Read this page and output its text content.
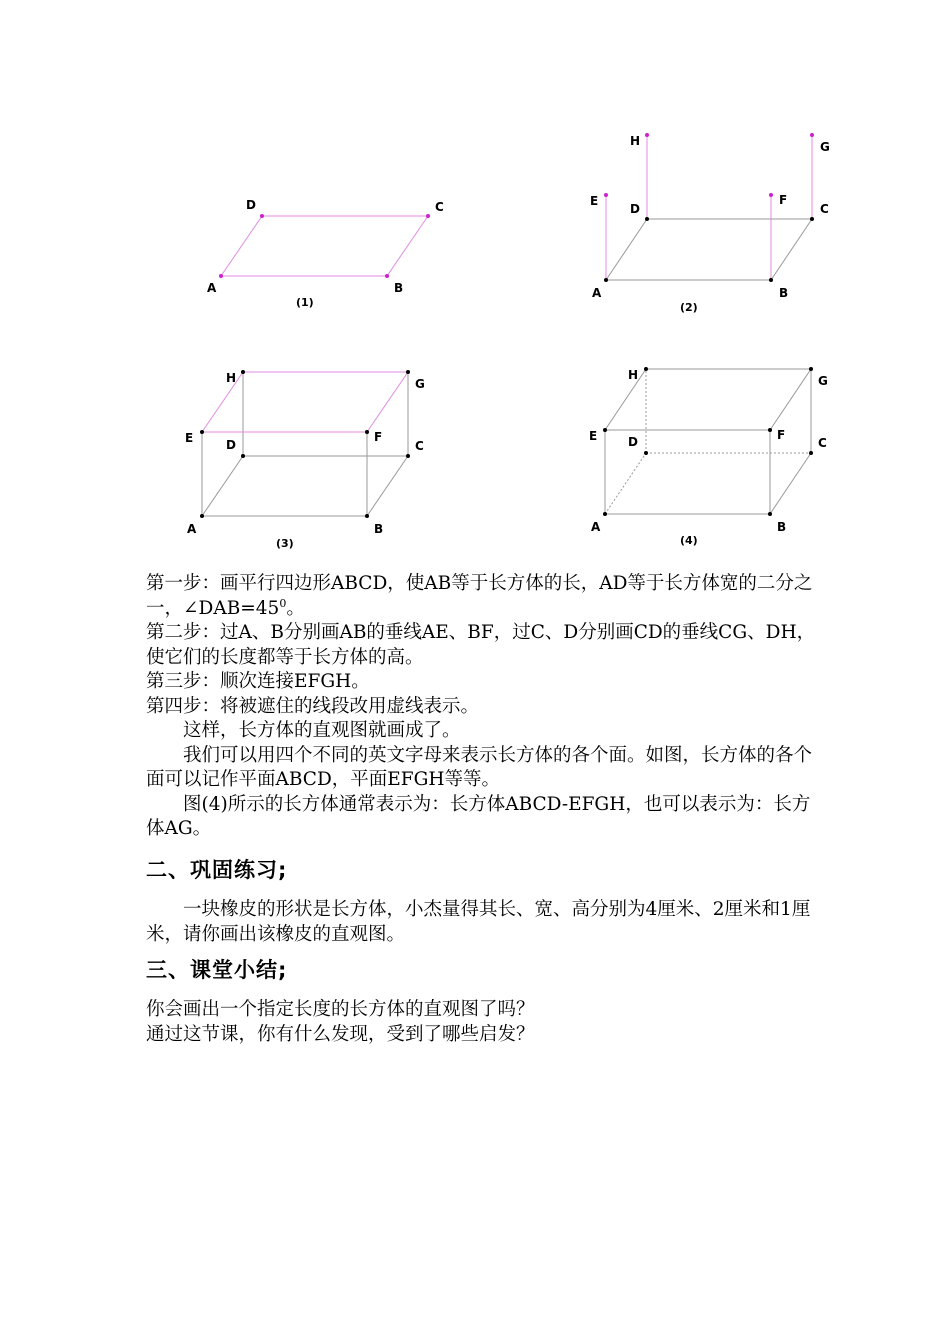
A	B
C
D
(1)
A	B
C
D
E	F
G
H
(2)
A	B
C
D
E	F
G
H
(3)
A	B
C
D
E	F
G
H
(4)

第一步：画平行四边形ABCD，使AB等于长方体的长，AD等于长方体宽的二分之一，$\angle DAB=45^0$。

第二步：过A、B分别画AB的垂线AE、BF，过C、D分别画CD的垂线CG、DH，使它们的长度都等于长方体的高。

第三步：顺次连接EFGH。

第四步：将被遮住的线段改用虚线表示。

这样，长方体的直观图就画成了。

我们可以用四个不同的英文字母来表示长方体的各个面。如图，长方体的各个面可以记作平面ABCD，平面EFGH等等。

图(4)所示的长方体通常表示为：长方体ABCD-EFGH，也可以表示为：长方体AG。

二、巩固练习;

一块橡皮的形状是长方体，小杰量得其长、宽、高分别为4厘米、2厘米和1厘米，请你画出该橡皮的直观图。

三、课堂小结;

你会画出一个指定长度的长方体的直观图了吗？

通过这节课，你有什么发现，受到了哪些启发？
